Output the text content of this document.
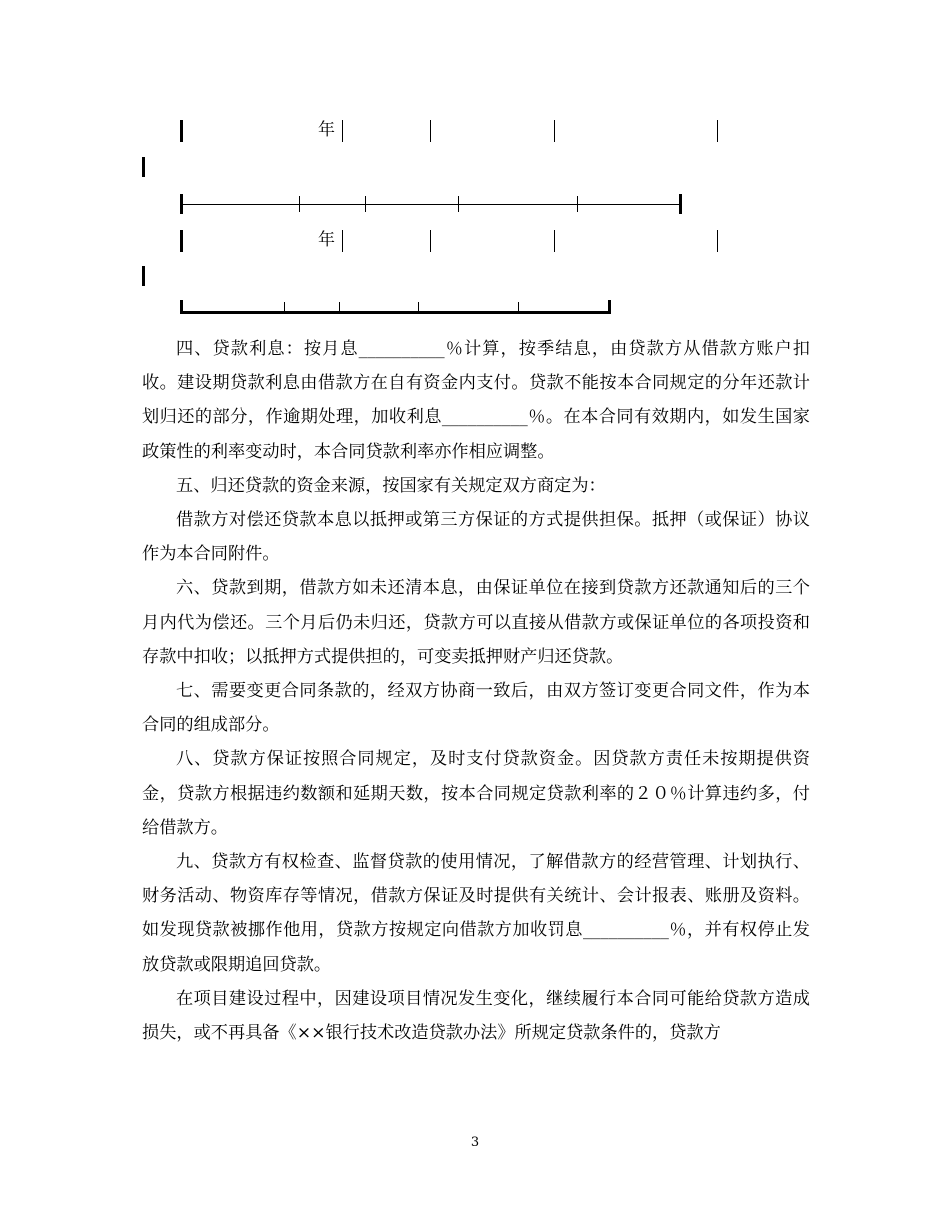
年
年

四、贷款利息：按月息__________％计算，按季结息，由贷款方从借款方账户扣收。建设期贷款利息由借款方在自有资金内支付。贷款不能按本合同规定的分年还款计划归还的部分，作逾期处理，加收利息__________％。在本合同有效期内，如发生国家政策性的利率变动时，本合同贷款利率亦作相应调整。

五、归还贷款的资金来源，按国家有关规定双方商定为：

借款方对偿还贷款本息以抵押或第三方保证的方式提供担保。抵押（或保证）协议作为本合同附件。

六、贷款到期，借款方如未还清本息，由保证单位在接到贷款方还款通知后的三个月内代为偿还。三个月后仍未归还，贷款方可以直接从借款方或保证单位的各项投资和存款中扣收；以抵押方式提供担的，可变卖抵押财产归还贷款。

七、需要变更合同条款的，经双方协商一致后，由双方签订变更合同文件，作为本合同的组成部分。

八、贷款方保证按照合同规定，及时支付贷款资金。因贷款方责任未按期提供资金，贷款方根据违约数额和延期天数，按本合同规定贷款利率的２０％计算违约多，付给借款方。

九、贷款方有权检查、监督贷款的使用情况，了解借款方的经营管理、计划执行、财务活动、物资库存等情况，借款方保证及时提供有关统计、会计报表、账册及资料。如发现贷款被挪作他用，贷款方按规定向借款方加收罚息__________％，并有权停止发放贷款或限期追回贷款。

在项目建设过程中，因建设项目情况发生变化，继续履行本合同可能给贷款方造成损失，或不再具备《××银行技术改造贷款办法》所规定贷款条件的，贷款方

3
